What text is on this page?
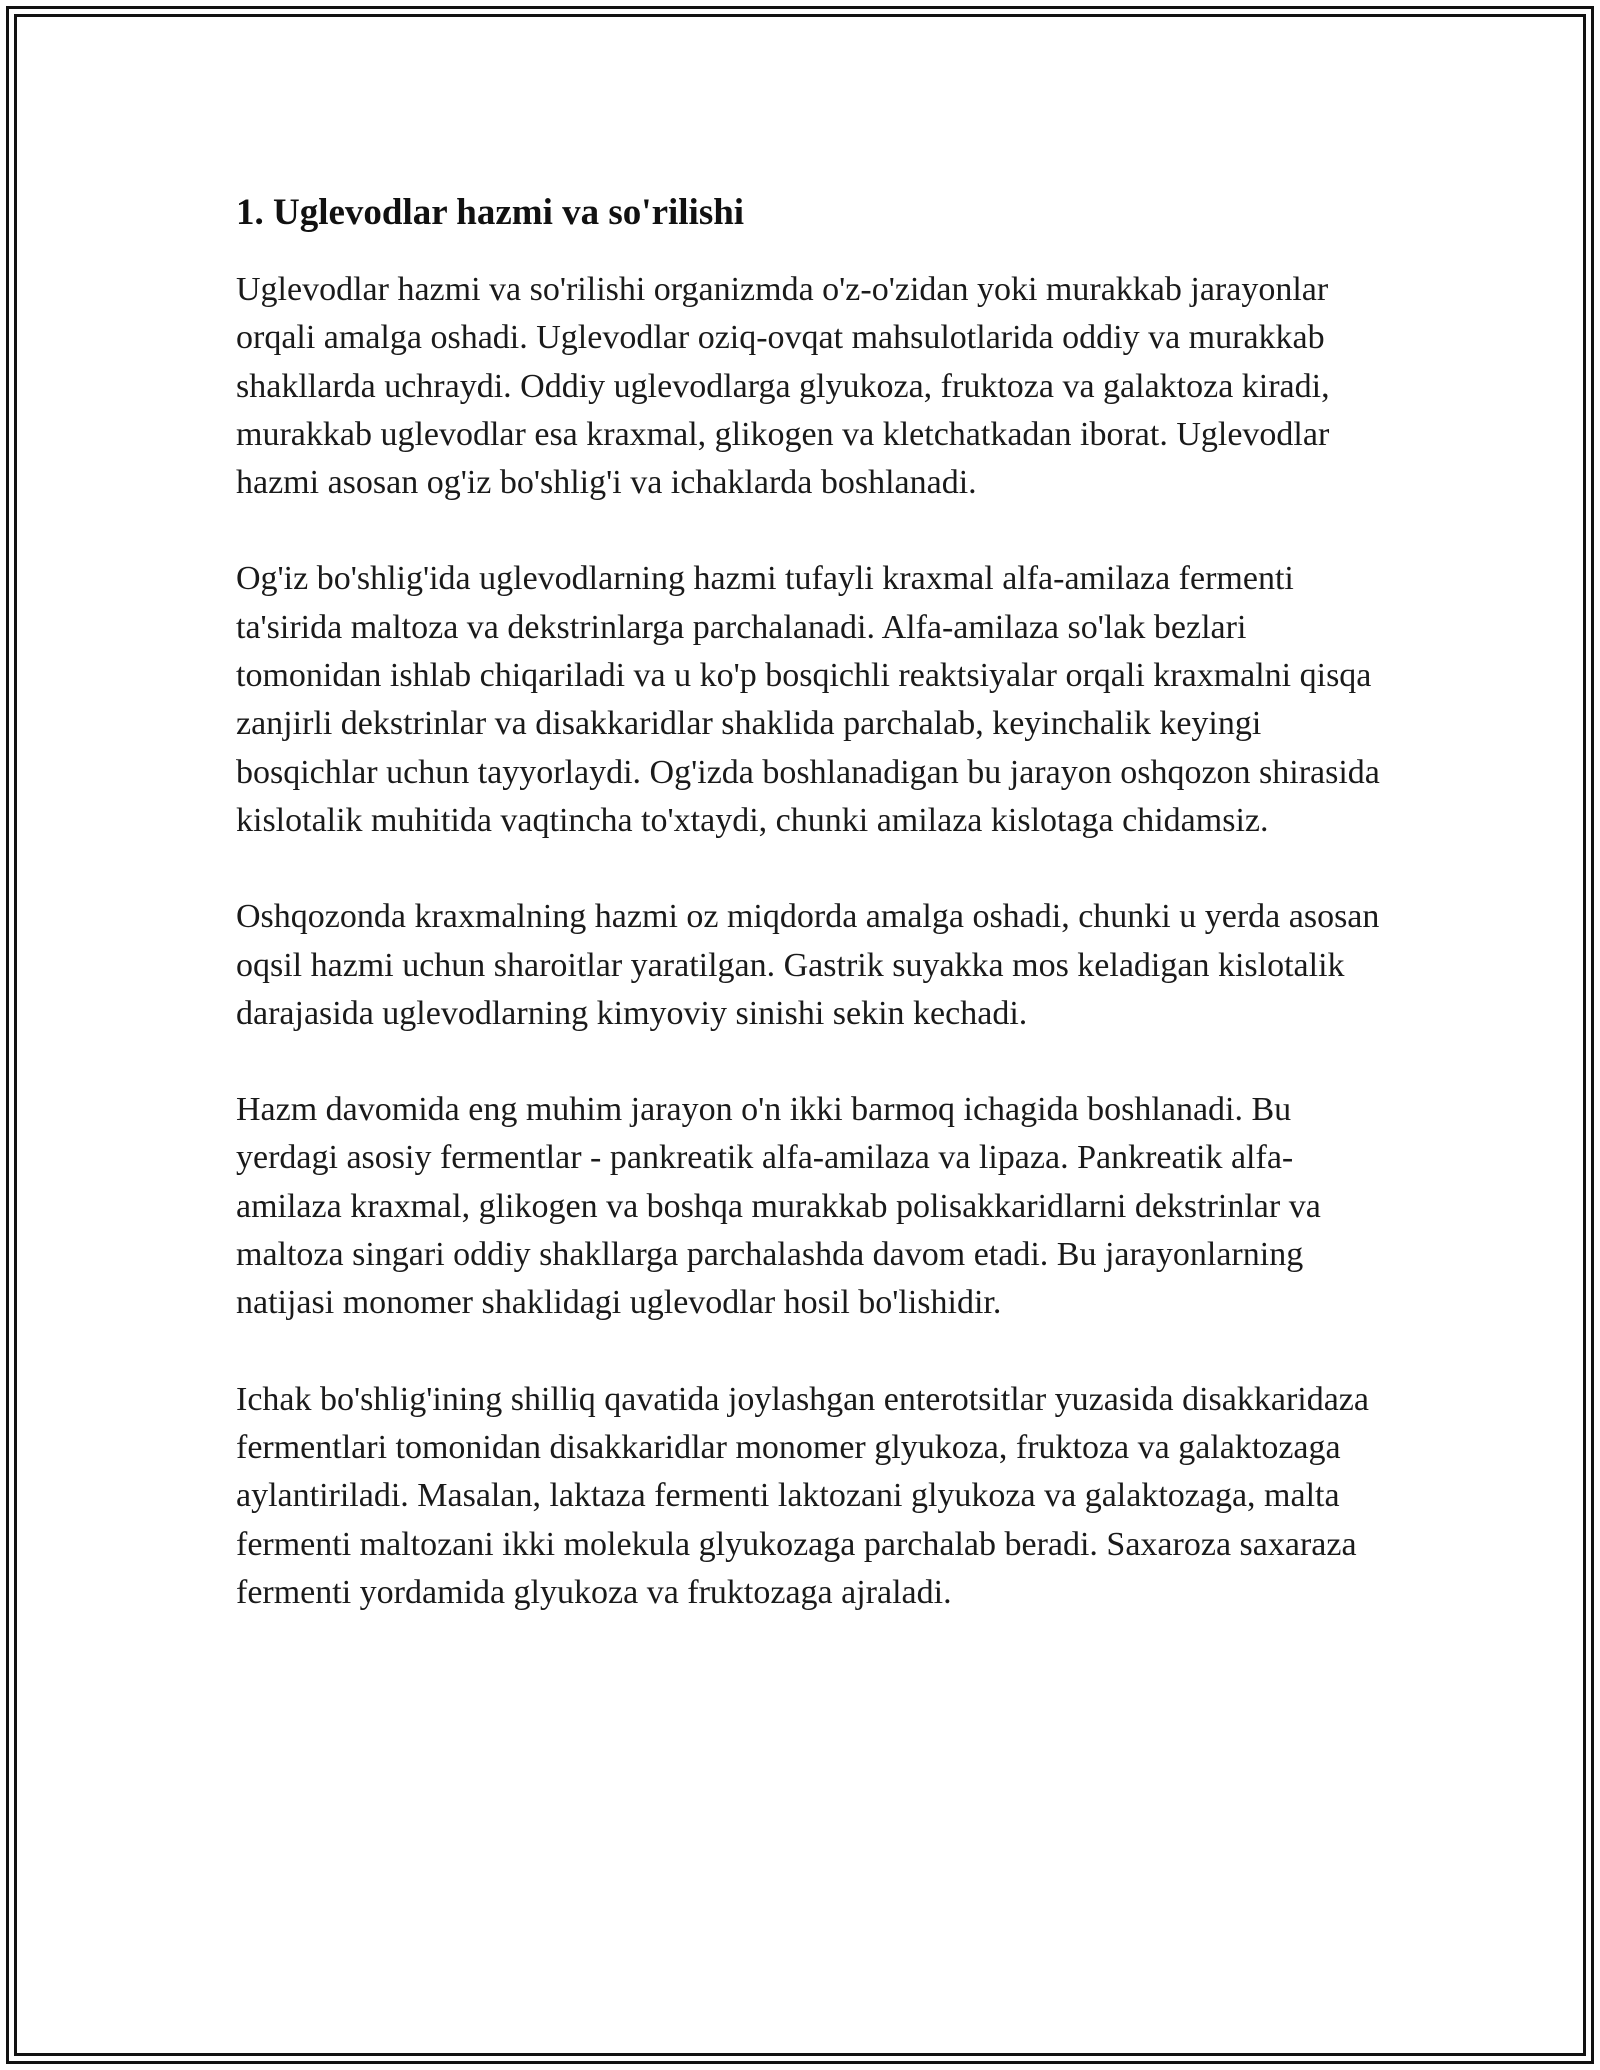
1. Uglevodlar hazmi va so'rilishi

Uglevodlar hazmi va so'rilishi organizmda o'z-o'zidan yoki murakkab jarayonlar orqali amalga oshadi. Uglevodlar oziq-ovqat mahsulotlarida oddiy va murakkab shakllarda uchraydi. Oddiy uglevodlarga glyukoza, fruktoza va galaktoza kiradi, murakkab uglevodlar esa kraxmal, glikogen va kletchatkadan iborat. Uglevodlar hazmi asosan og'iz bo'shlig'i va ichaklarda boshlanadi.

Og'iz bo'shlig'ida uglevodlarning hazmi tufayli kraxmal alfa-amilaza fermenti ta'sirida maltoza va dekstrinlarga parchalanadi. Alfa-amilaza so'lak bezlari tomonidan ishlab chiqariladi va u ko'p bosqichli reaktsiyalar orqali kraxmalni qisqa zanjirli dekstrinlar va disakkaridlar shaklida parchalab, keyinchalik keyingi bosqichlar uchun tayyorlaydi. Og'izda boshlanadigan bu jarayon oshqozon shirasida kislotalik muhitida vaqtincha to'xtaydi, chunki amilaza kislotaga chidamsiz.

Oshqozonda kraxmalning hazmi oz miqdorda amalga oshadi, chunki u yerda asosan oqsil hazmi uchun sharoitlar yaratilgan. Gastrik suyakka mos keladigan kislotalik darajasida uglevodlarning kimyoviy sinishi sekin kechadi.

Hazm davomida eng muhim jarayon o'n ikki barmoq ichagida boshlanadi. Bu yerdagi asosiy fermentlar - pankreatik alfa-amilaza va lipaza. Pankreatik alfa-amilaza kraxmal, glikogen va boshqa murakkab polisakkaridlarni dekstrinlar va maltoza singari oddiy shakllarga parchalashda davom etadi. Bu jarayonlarning natijasi monomer shaklidagi uglevodlar hosil bo'lishidir.

Ichak bo'shlig'ining shilliq qavatida joylashgan enterotsitlar yuzasida disakkaridaza fermentlari tomonidan disakkaridlar monomer glyukoza, fruktoza va galaktozaga aylantiriladi. Masalan, laktaza fermenti laktozani glyukoza va galaktozaga, malta fermenti maltozani ikki molekula glyukozaga parchalab beradi. Saxaroza saxaraza fermenti yordamida glyukoza va fruktozaga ajraladi.
